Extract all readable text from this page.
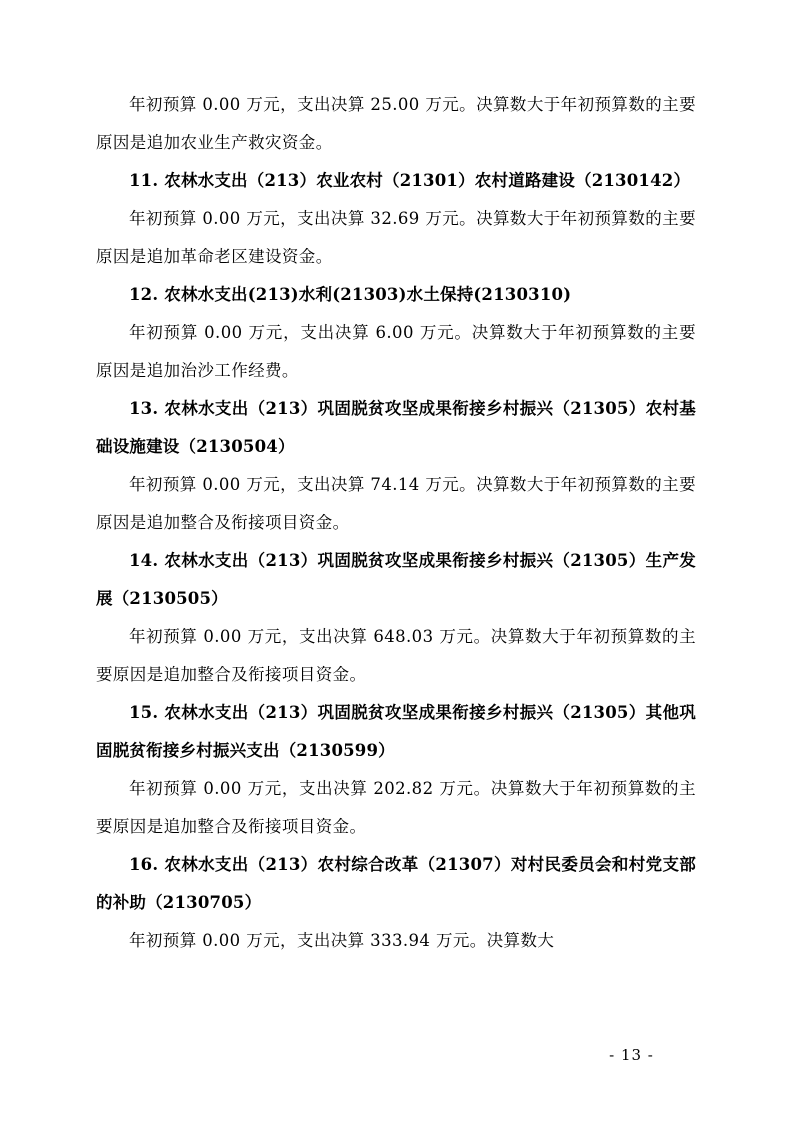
年初预算 0.00 万元，支出决算 25.00 万元。决算数大于年初预算数的主要原因是追加农业生产救灾资金。

11. 农林水支出（213）农业农村（21301）农村道路建设（2130142）

年初预算 0.00 万元，支出决算 32.69 万元。决算数大于年初预算数的主要原因是追加革命老区建设资金。

12. 农林水支出(213)水利(21303)水土保持(2130310)

年初预算 0.00 万元，支出决算 6.00 万元。决算数大于年初预算数的主要原因是追加治沙工作经费。

13. 农林水支出（213）巩固脱贫攻坚成果衔接乡村振兴（21305）农村基础设施建设（2130504）

年初预算 0.00 万元，支出决算 74.14 万元。决算数大于年初预算数的主要原因是追加整合及衔接项目资金。

14. 农林水支出（213）巩固脱贫攻坚成果衔接乡村振兴（21305）生产发展（2130505）

年初预算 0.00 万元，支出决算 648.03 万元。决算数大于年初预算数的主要原因是追加整合及衔接项目资金。

15. 农林水支出（213）巩固脱贫攻坚成果衔接乡村振兴（21305）其他巩固脱贫衔接乡村振兴支出（2130599）

年初预算 0.00 万元，支出决算 202.82 万元。决算数大于年初预算数的主要原因是追加整合及衔接项目资金。

16. 农林水支出（213）农村综合改革（21307）对村民委员会和村党支部的补助（2130705）

年初预算 0.00 万元，支出决算 333.94 万元。决算数大

- 13 -
